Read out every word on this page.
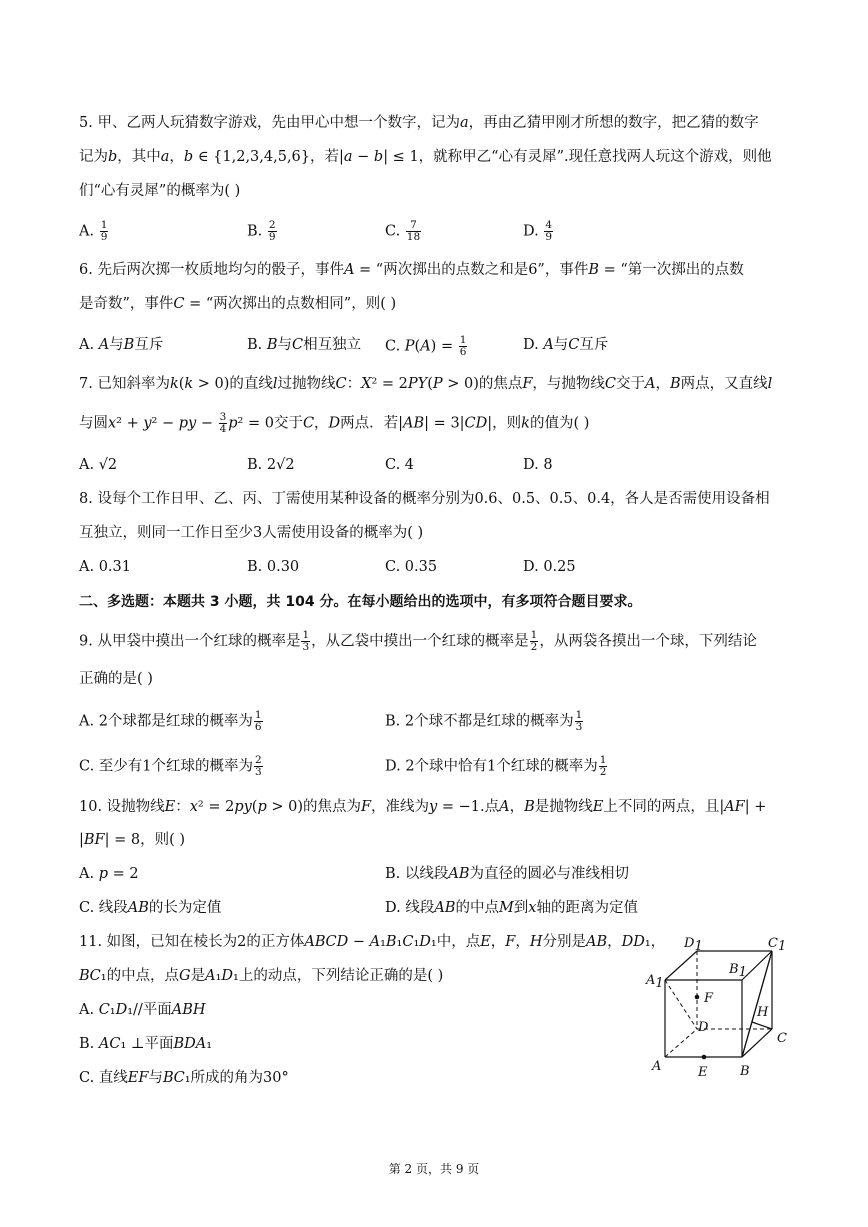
5. 甲、乙两人玩猜数字游戏，先由甲心中想一个数字，记为𝑎，再由乙猜甲刚才所想的数字，把乙猜的数字
记为𝑏，其中𝑎，𝑏 ∈ {1,2,3,4,5,6}，若|𝑎 − 𝑏| ≤ 1，就称甲乙“心有灵犀”.现任意找两人玩这个游戏，则他
们“心有灵犀”的概率为( )
A. $\frac{1}{9}$	B. $\frac{2}{9}$	C. $\frac{7}{18}$	D. $\frac{4}{9}$
6. 先后两次掷一枚质地均匀的骰子，事件𝐴 = “两次掷出的点数之和是6”，事件𝐵 = “第一次掷出的点数
是奇数”，事件𝐶 = “两次掷出的点数相同”，则( )
A. 𝐴与𝐵互斥	B. 𝐵与𝐶相互独立 C. 𝑃(𝐴) = $\frac{1}{6}$	D. 𝐴与𝐶互斥
7. 已知斜率为𝑘(𝑘 > 0)的直线𝑙过抛物线𝐶：𝑋² = 2𝑃𝑌(𝑃 > 0)的焦点𝐹，与抛物线𝐶交于𝐴，𝐵两点，又直线𝑙
与圆𝑥² + 𝑦² − 𝑝𝑦 − $\frac{3}{4}$ 𝑝² = 0交于𝐶，𝐷两点．若|𝐴𝐵| = 3|𝐶𝐷|，则𝑘的值为( )
A. √2	B. 2√2	C. 4	D. 8
8. 设每个工作日甲、乙、丙、丁需使用某种设备的概率分别为0.6、0.5、0.5、0.4，各人是否需使用设备相
互独立，则同一工作日至少3人需使用设备的概率为( )
A. 0.31	B. 0.30	C. 0.35	D. 0.25
二、多选题：本题共 3 小题，共 104 分。在每小题给出的选项中，有多项符合题目要求。
9. 从甲袋中摸出一个红球的概率是 $\frac{1}{3}$ ，从乙袋中摸出一个红球的概率是 $\frac{1}{2}$ ，从两袋各摸出一个球，下列结论
正确的是( )
A. 2个球都是红球的概率为 $\frac{1}{6}$	B. 2个球不都是红球的概率为 $\frac{1}{3}$
C. 至少有1个红球的概率为 $\frac{2}{3}$	D. 2个球中恰有1个红球的概率为 $\frac{1}{2}$
10. 设抛物线𝐸：𝑥² = 2𝑝𝑦(𝑝 > 0)的焦点为𝐹，准线为𝑦 = −1.点𝐴，𝐵是抛物线𝐸上不同的两点，且|𝐴𝐹| +
|𝐵𝐹| = 8，则( )
A. 𝑝 = 2	B. 以线段𝐴𝐵为直径的圆必与准线相切
C. 线段𝐴𝐵的长为定值	D. 线段𝐴𝐵的中点𝑀到𝑥轴的距离为定值
11. 如图，已知在棱长为2的正方体𝐴𝐵𝐶𝐷 − 𝐴₁𝐵₁𝐶₁𝐷₁中，点𝐸，𝐹，𝐻分别是𝐴𝐵，𝐷𝐷₁，
𝐵𝐶₁的中点，点𝐺是𝐴₁𝐷₁上的动点，下列结论正确的是( )
A. 𝐶₁𝐷₁//平面𝐴𝐵𝐻
B. 𝐴𝐶₁ ⊥平面𝐵𝐷𝐴₁
C. 直线𝐸𝐹与𝐵𝐶₁所成的角为30°
D1	C1
B1
A1
F
H
D
C
A	E	B
第 2 页，共 9 页
